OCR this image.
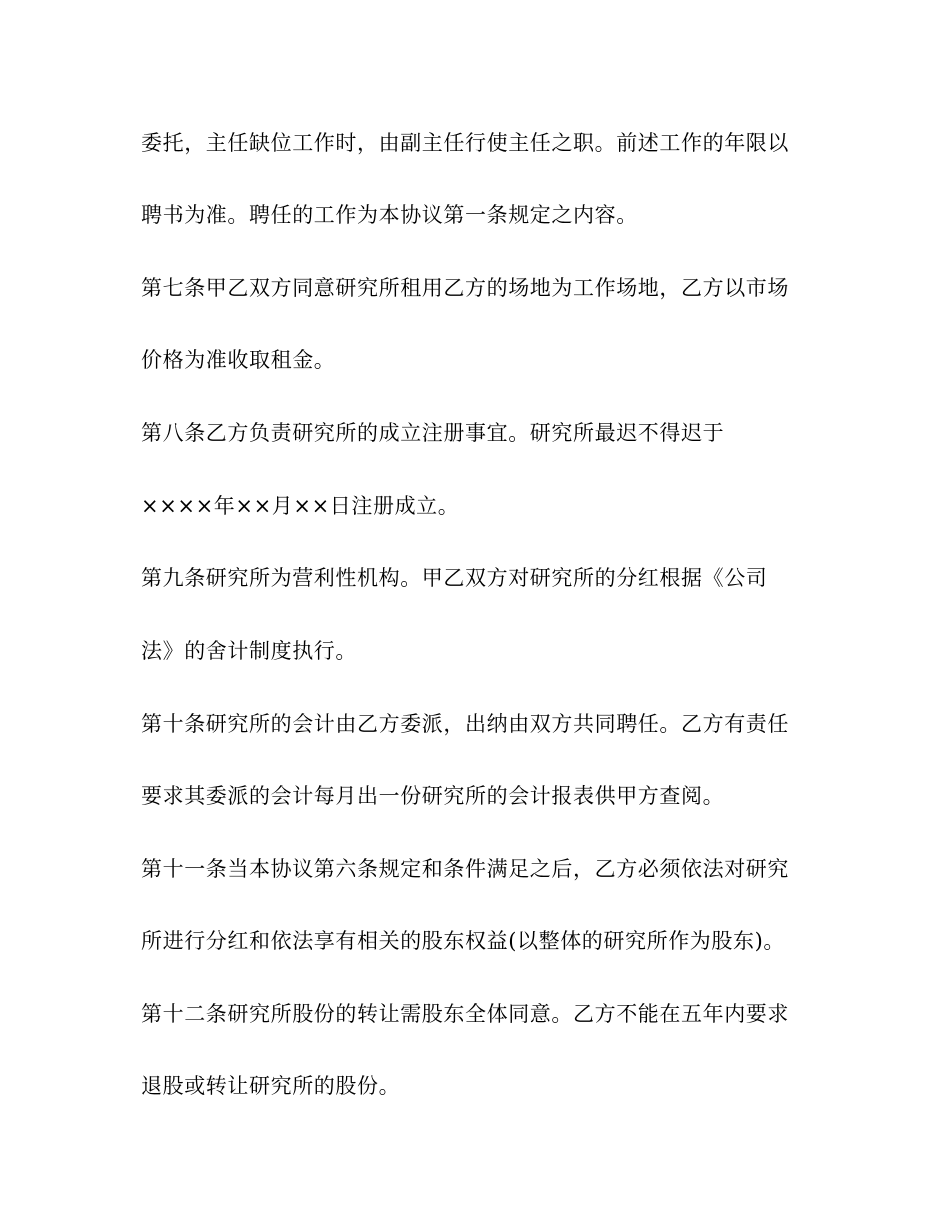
委托，主任缺位工作时，由副主任行使主任之职。前述工作的年限以
聘书为准。聘任的工作为本协议第一条规定之内容。
第七条甲乙双方同意研究所租用乙方的场地为工作场地，乙方以市场
价格为准收取租金。
第八条乙方负责研究所的成立注册事宜。研究所最迟不得迟于
××××年××月××日注册成立。
第九条研究所为营利性机构。甲乙双方对研究所的分红根据《公司
法》的舍计制度执行。
第十条研究所的会计由乙方委派，出纳由双方共同聘任。乙方有责任
要求其委派的会计每月出一份研究所的会计报表供甲方查阅。
第十一条当本协议第六条规定和条件满足之后，乙方必须依法对研究
所进行分红和依法享有相关的股东权益(以整体的研究所作为股东)。
第十二条研究所股份的转让需股东全体同意。乙方不能在五年内要求
退股或转让研究所的股份。
